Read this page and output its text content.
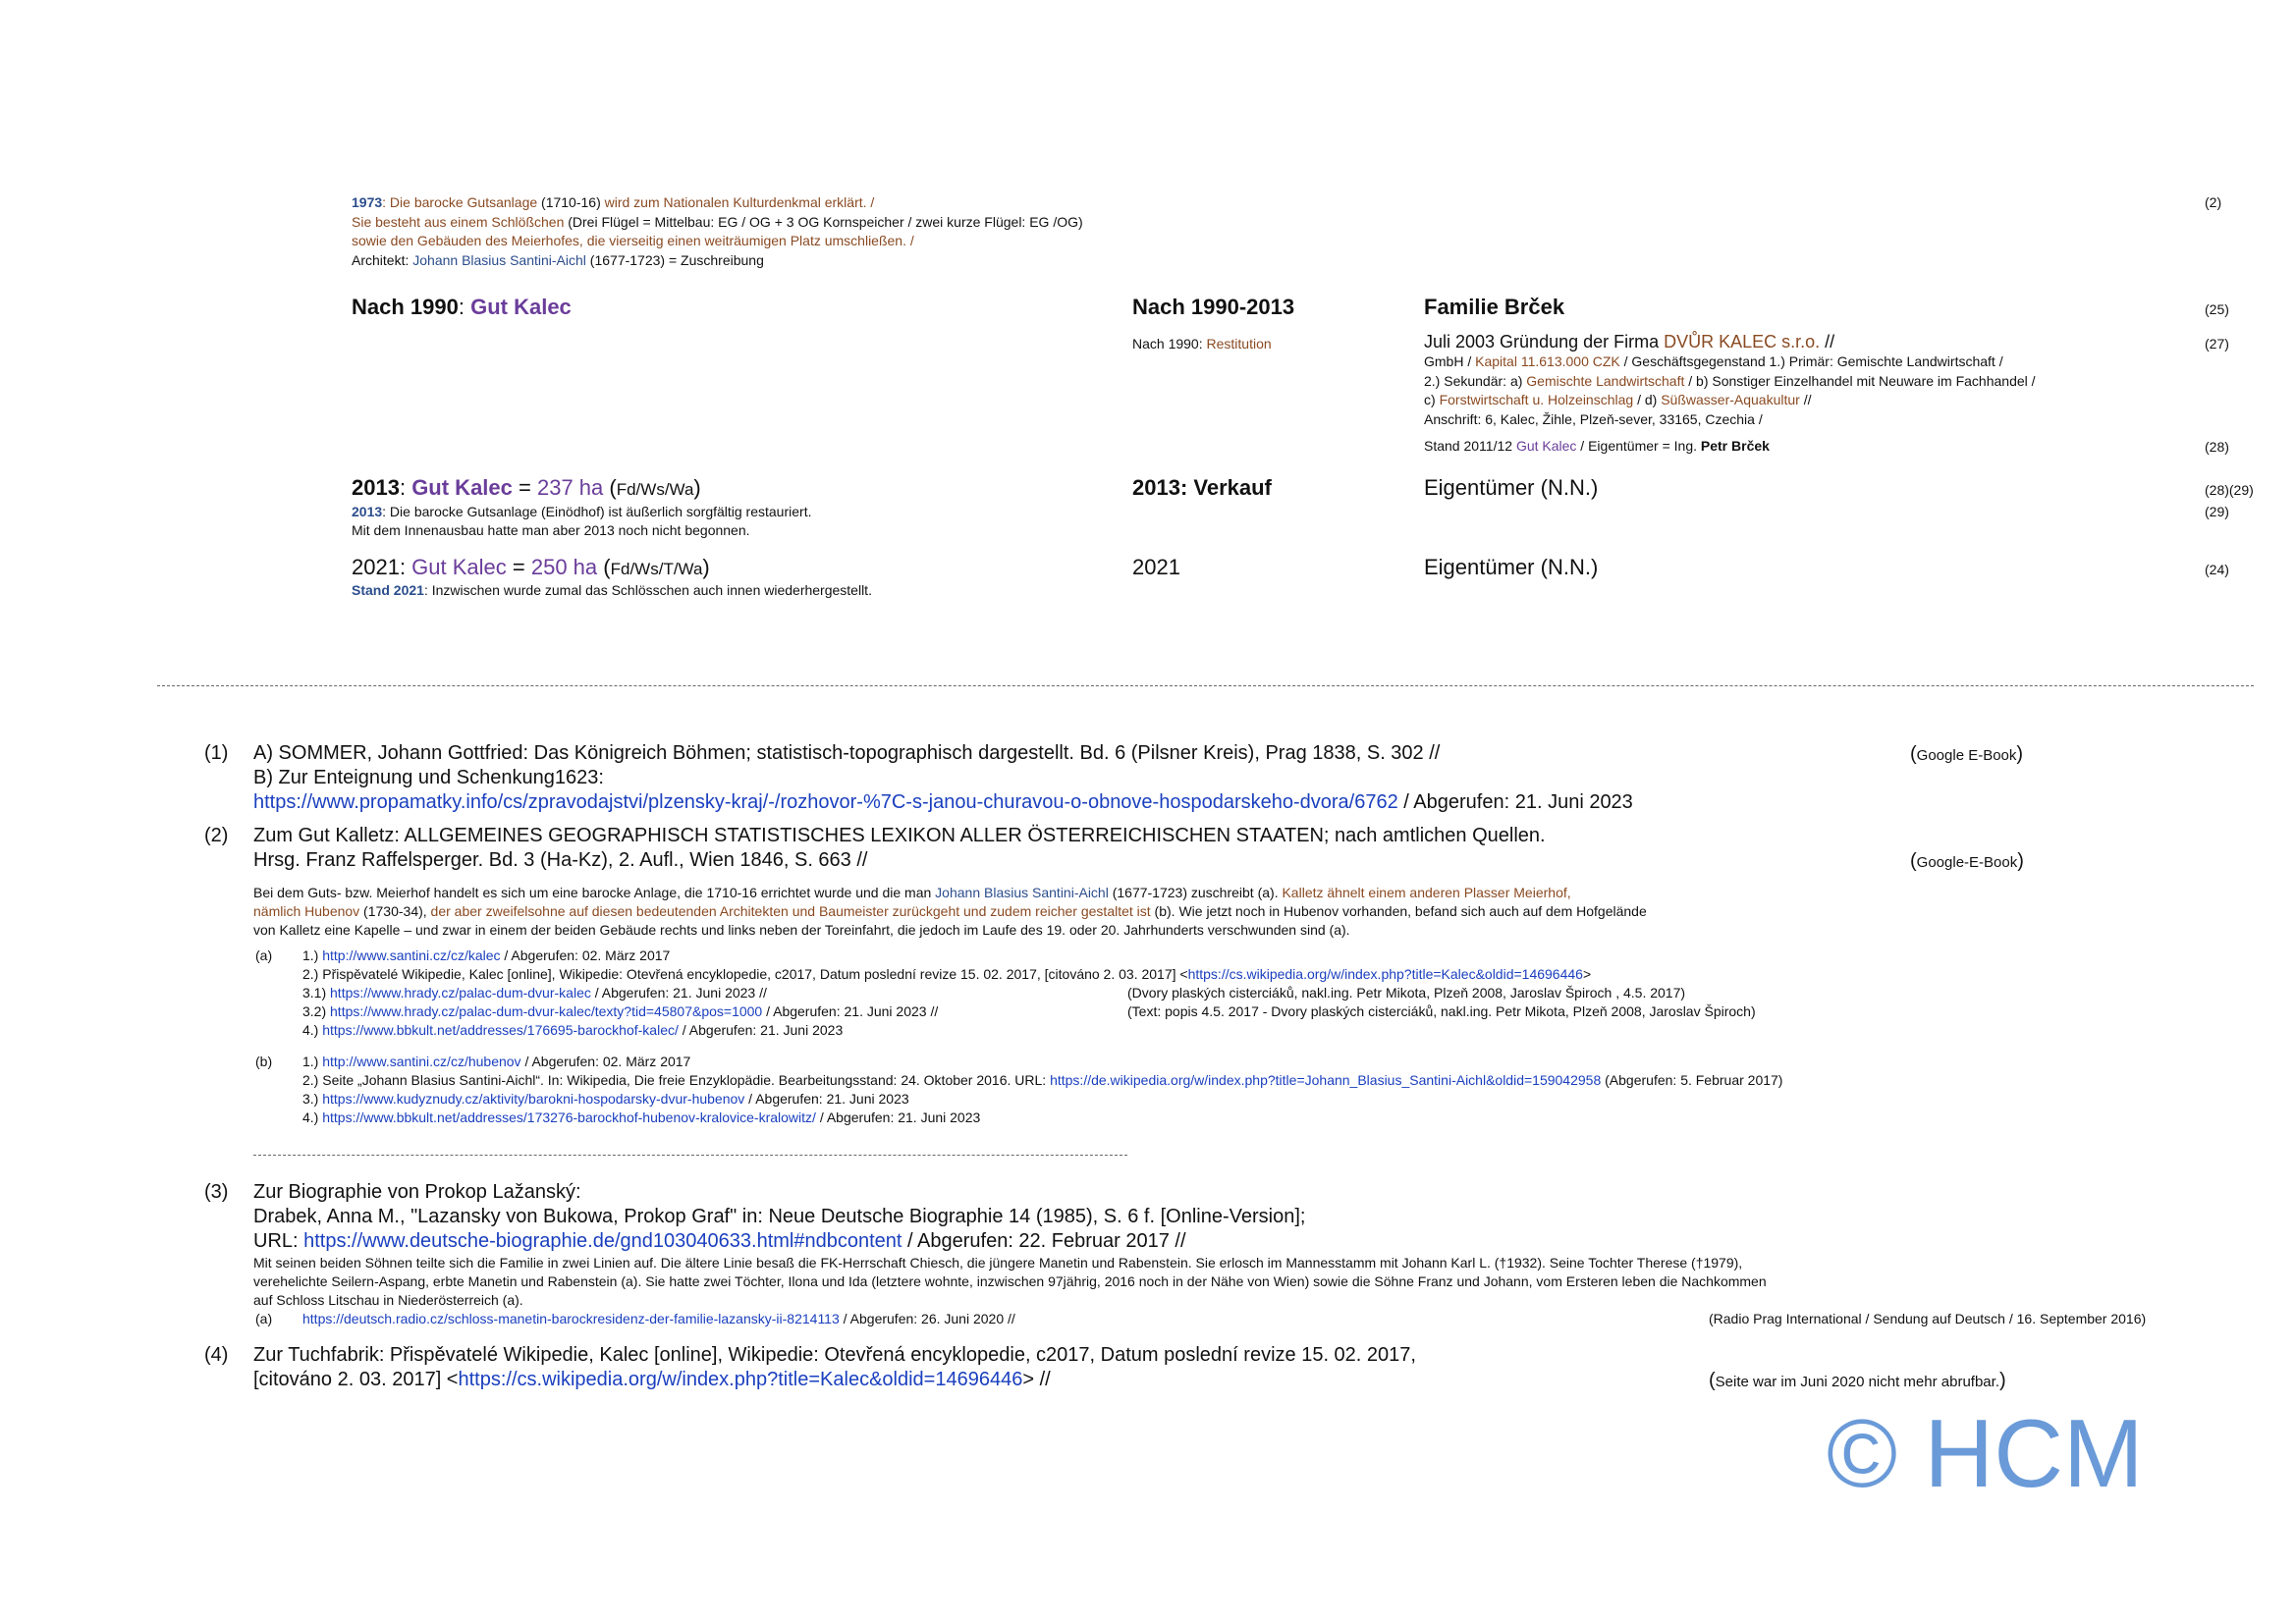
1973: Die barocke Gutsanlage (1710-16) wird zum Nationalen Kulturdenkmal erklärt. /	(2)
Sie besteht aus einem Schlößchen (Drei Flügel = Mittelbau: EG / OG + 3 OG Kornspeicher / zwei kurze Flügel: EG /OG)
sowie den Gebäuden des Meierhofes, die vierseitig einen weiträumigen Platz umschließen. /
Architekt: Johann Blasius Santini-Aichl (1677-1723) = Zuschreibung
Nach 1990: Gut Kalec	Nach 1990-2013	Familie Brček	(25)
Nach 1990: Restitution	Juli 2003 Gründung der Firma DVŮR KALEC s.r.o. //	(27)
GmbH / Kapital 11.613.000 CZK / Geschäftsgegenstand 1.) Primär: Gemischte Landwirtschaft /
2.) Sekundär: a) Gemischte Landwirtschaft / b) Sonstiger Einzelhandel mit Neuware im Fachhandel /
c) Forstwirtschaft u. Holzeinschlag / d) Süßwasser-Aquakultur //
Anschrift: 6, Kalec, Žihle, Plzeň-sever, 33165, Czechia /
Stand 2011/12 Gut Kalec / Eigentümer = Ing. Petr Brček	(28)
2013: Gut Kalec = 237 ha (Fd/Ws/Wa)	2013: Verkauf	Eigentümer (N.N.)	(28)(29)
2013: Die barocke Gutsanlage (Einödhof) ist äußerlich sorgfältig restauriert.	(29)
Mit dem Innenausbau hatte man aber 2013 noch nicht begonnen.
2021: Gut Kalec = 250 ha (Fd/Ws/T/Wa)	2021	Eigentümer (N.N.)	(24)
Stand 2021: Inzwischen wurde zumal das Schlösschen auch innen wiederhergestellt.
(1) A) SOMMER, Johann Gottfried: Das Königreich Böhmen; statistisch-topographisch dargestellt. Bd. 6 (Pilsner Kreis), Prag 1838, S. 302 //	(Google E-Book)
B) Zur Enteignung und Schenkung1623:
https://www.propamatky.info/cs/zpravodajstvi/plzensky-kraj/-/rozhovor-%7C-s-janou-churavou-o-obnove-hospodarskeho-dvora/6762 / Abgerufen: 21. Juni 2023
(2) Zum Gut Kalletz: ALLGEMEINES GEOGRAPHISCH STATISTISCHES LEXIKON ALLER ÖSTERREICHISCHEN STAATEN; nach amtlichen Quellen.
Hrsg. Franz Raffelsperger. Bd. 3 (Ha-Kz), 2. Aufl., Wien 1846, S. 663 //	(Google-E-Book)
Bei dem Guts- bzw. Meierhof handelt es sich um eine barocke Anlage, die 1710-16 errichtet wurde und die man Johann Blasius Santini-Aichl (1677-1723) zuschreibt (a). Kalletz ähnelt einem anderen Plasser Meierhof,
nämlich Hubenov (1730-34), der aber zweifelsohne auf diesen bedeutenden Architekten und Baumeister zurückgeht und zudem reicher gestaltet ist (b). Wie jetzt noch in Hubenov vorhanden, befand sich auch auf dem Hofgelände
von Kalletz eine Kapelle – und zwar in einem der beiden Gebäude rechts und links neben der Toreinfahrt, die jedoch im Laufe des 19. oder 20. Jahrhunderts verschwunden sind (a).
(a) 1.) http://www.santini.cz/cz/kalec / Abgerufen: 02. März 2017
2.) Přispěvatelé Wikipedie, Kalec [online], Wikipedie: Otevřená encyklopedie, c2017, Datum poslední revize 15. 02. 2017, [citováno 2. 03. 2017] <https://cs.wikipedia.org/w/index.php?title=Kalec&oldid=14696446>
3.1) https://www.hrady.cz/palac-dum-dvur-kalec / Abgerufen: 21. Juni 2023 //	(Dvory plaských cisterciáků, nakl.ing. Petr Mikota, Plzeň 2008, Jaroslav Špiroch , 4.5. 2017)
3.2) https://www.hrady.cz/palac-dum-dvur-kalec/texty?tid=45807&pos=1000 / Abgerufen: 21. Juni 2023 //	(Text: popis 4.5. 2017 - Dvory plaských cisterciáků, nakl.ing. Petr Mikota, Plzeň 2008, Jaroslav Špiroch)
4.) https://www.bbkult.net/addresses/176695-barockhof-kalec/ / Abgerufen: 21. Juni 2023
(b) 1.) http://www.santini.cz/cz/hubenov / Abgerufen: 02. März 2017
2.) Seite „Johann Blasius Santini-Aichl“. In: Wikipedia, Die freie Enzyklopädie. Bearbeitungsstand: 24. Oktober 2016. URL: https://de.wikipedia.org/w/index.php?title=Johann_Blasius_Santini-Aichl&oldid=159042958 (Abgerufen: 5. Februar 2017)
3.) https://www.kudyznudy.cz/aktivity/barokni-hospodarsky-dvur-hubenov / Abgerufen: 21. Juni 2023
4.) https://www.bbkult.net/addresses/173276-barockhof-hubenov-kralovice-kralowitz/ / Abgerufen: 21. Juni 2023
(3) Zur Biographie von Prokop Lažanský:
Drabek, Anna M., "Lazansky von Bukowa, Prokop Graf" in: Neue Deutsche Biographie 14 (1985), S. 6 f. [Online-Version];
URL: https://www.deutsche-biographie.de/gnd103040633.html#ndbcontent / Abgerufen: 22. Februar 2017 //
Mit seinen beiden Söhnen teilte sich die Familie in zwei Linien auf. Die ältere Linie besaß die FK-Herrschaft Chiesch, die jüngere Manetin und Rabenstein. Sie erlosch im Mannesstamm mit Johann Karl L. (†1932). Seine Tochter Therese (†1979),
verehelichte Seilern-Aspang, erbte Manetin und Rabenstein (a). Sie hatte zwei Töchter, Ilona und Ida (letztere wohnte, inzwischen 97jährig, 2016 noch in der Nähe von Wien) sowie die Söhne Franz und Johann, vom Ersteren leben die Nachkommen
auf Schloss Litschau in Niederösterreich (a).
(a) https://deutsch.radio.cz/schloss-manetin-barockresidenz-der-familie-lazansky-ii-8214113 / Abgerufen: 26. Juni 2020 //	(Radio Prag International / Sendung auf Deutsch / 16. September 2016)
(4) Zur Tuchfabrik: Přispěvatelé Wikipedie, Kalec [online], Wikipedie: Otevřená encyklopedie, c2017, Datum poslední revize 15. 02. 2017,
[citováno 2. 03. 2017] <https://cs.wikipedia.org/w/index.php?title=Kalec&oldid=14696446> //	(Seite war im Juni 2020 nicht mehr abrufbar.)
© HCM
